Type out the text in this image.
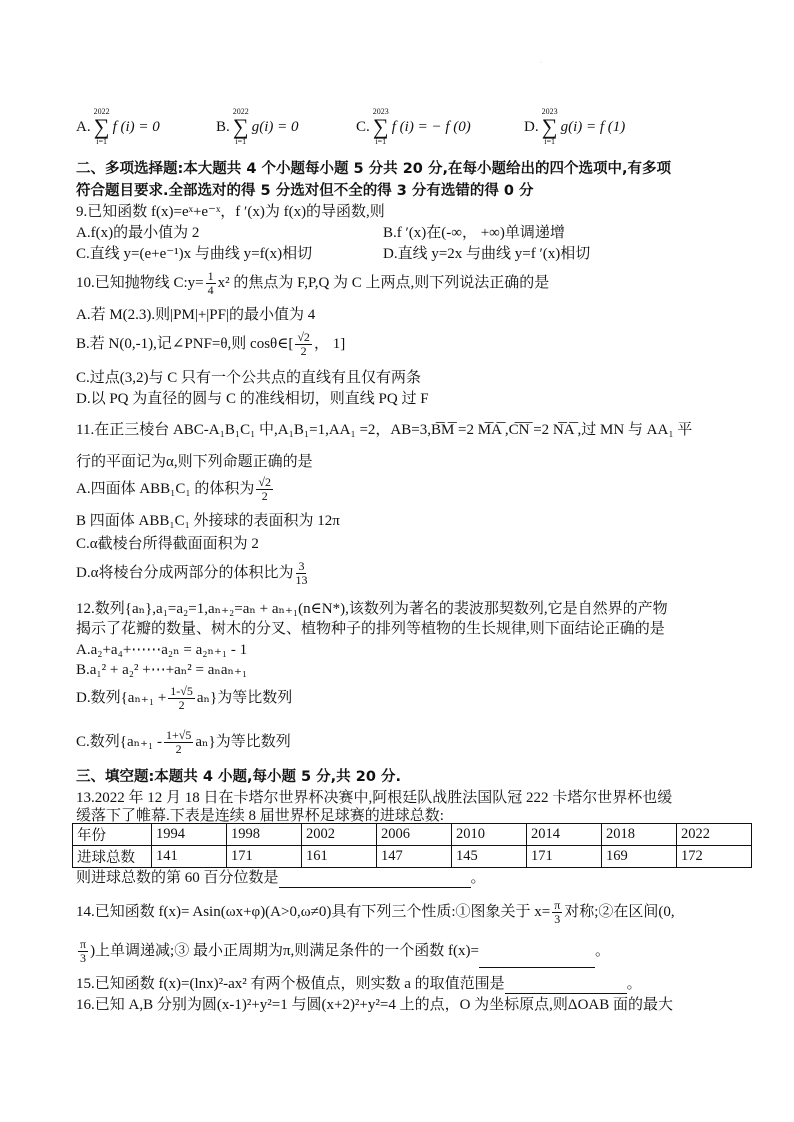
·
A.
2022
∑
i=1
f (i) = 0	B.
2022
∑
i=1
g(i) = 0	C.
2023
∑
i=1
f (i) = − f (0)	D.
2023
∑
i=1
g(i) = f (1)
二、多项选择题:本大题共 4 个小题每小题 5 分共 20 分,在每小题给出的四个选项中,有多项
符合题目要求.全部选对的得 5 分选对但不全的得 3 分有选错的得 0 分
9.已知函数 f(x)=eˣ+e⁻ˣ，f ′(x)为 f(x)的导函数,则
A.f(x)的最小值为 2	B.f ′(x)在(-∞， +∞)单调递增
C.直线 y=(e+e⁻¹)x 与曲线 y=f(x)相切	D.直线 y=2x 与曲线 y=f ′(x)相切
10.已知抛物线 C:y= $\frac{1}{4} x^2$ 的焦点为 F,P,Q 为 C 上两点,则下列说法正确的是
A.若 M(2.3).则|PM|+|PF|的最小值为 4
B.若 N(0,-1),记∠PNF=θ,则 cosθ∈[ $\frac{√2}{2}$ ， 1]
C.过点(3,2)与 C 只有一个公共点的直线有且仅有两条
D.以 PQ 为直径的圆与 C 的准线相切，则直线 PQ 过 F
11.在正三棱台 ABC-A₁B₁C₁ 中,A₁B₁=1,AA₁ =2，AB=3,B͞M͞ =2 M͞A͞ ,C͞N͞ =2 N͞A͞ ,过 MN 与 AA₁ 平
行的平面记为α,则下列命题正确的是
A.四面体 ABB₁C₁ 的体积为 $\frac{√2}{2}$
B 四面体 ABB₁C₁ 外接球的表面积为 12π
C.α截棱台所得截面面积为 2
D.α将棱台分成两部分的体积比为 $\frac{3}{13}$
12.数列{aₙ},a₁=a₂=1,aₙ₊₂=aₙ + aₙ₊₁(n∈N*),该数列为著名的裴波那契数列,它是自然界的产物
揭示了花瓣的数量、树木的分叉、植物种子的排列等植物的生长规律,则下面结论正确的是
A.a₂+a₄+⋯⋯a₂ₙ = a₂ₙ₊₁ - 1
B.a₁² + a₂² +⋯+aₙ² = aₙaₙ₊₁
D.数列$\{a_{n+1} + \frac{1-√5}{2} a_n\}$为等比数列
C.数列$\{a_{n+1} - \frac{1+√5}{2} a_n\}$为等比数列
三、填空题:本题共 4 小题,每小题 5 分,共 20 分.
13.2022 年 12 月 18 日在卡塔尔世界杯决赛中,阿根廷队战胜法国队冠 222 卡塔尔世界杯也缓
缓落下了帷幕.下表是连续 8 届世界杯足球赛的进球总数:
年份	1994	1998	2002	2006	2010	2014	2018	2022
进球总数	141	171	161	147	145	171	169	172
则进球总数的第 60 百分位数是	。
14.已知函数 f(x)= Asin(ωx+φ)(A>0,ω≠0)具有下列三个性质:①图象关于 $x= \frac{\pi}{3}$ 对称;②在区间(0,
$\frac{\pi}{3}$ )上单调递减;③ 最小正周期为π,则满足条件的一个函数 f(x)=	。
15.已知函数 f(x)=(lnx)²-ax² 有两个极值点，则实数 a 的取值范围是	。
16.已知 A,B 分别为圆(x-1)²+y²=1 与圆(x+2)²+y²=4 上的点，O 为坐标原点,则ΔOAB 面的最大
